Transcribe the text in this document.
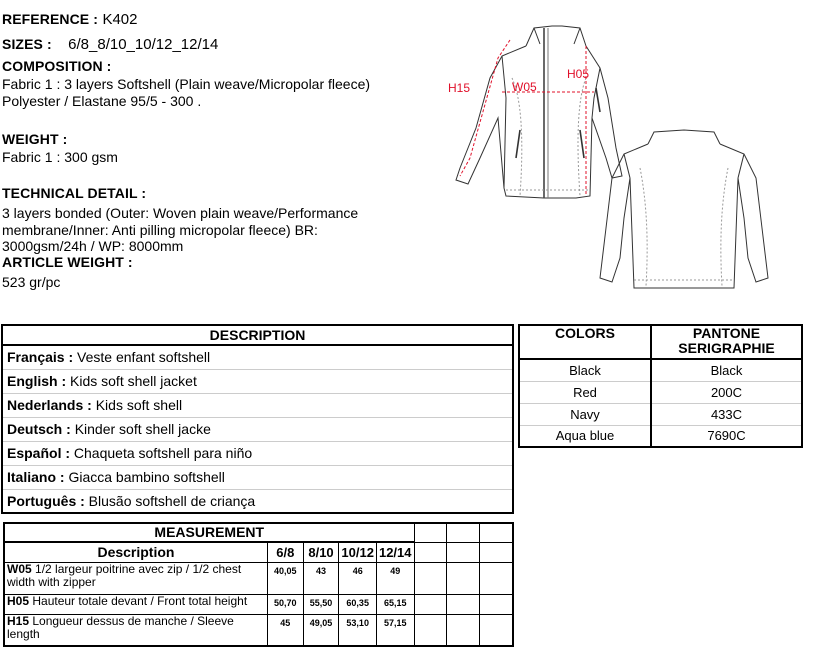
REFERENCE : K402
SIZES : 6/8_8/10_10/12_12/14
COMPOSITION :
Fabric 1 : 3 layers Softshell (Plain weave/Micropolar fleece)
Polyester / Elastane 95/5 - 300 .
WEIGHT :
Fabric 1 : 300 gsm
TECHNICAL DETAIL :
3 layers bonded (Outer: Woven plain weave/Performance
membrane/Inner: Anti pilling micropolar fleece) BR:
3000gsm/24h / WP: 8000mm
ARTICLE WEIGHT :
523 gr/pc
H15	W05
H05
DESCRIPTION
Français : Veste enfant softshell
English : Kids soft shell jacket
Nederlands : Kids soft shell
Deutsch : Kinder soft shell jacke
Español : Chaqueta softshell para niño
Italiano : Giacca bambino softshell
Português : Blusão softshell de criança
COLORS	PANTONE
SERIGRAPHIE

Black	Black
Red	200C
Navy	433C
Aqua blue	7690C
MEASUREMENT							
Description	6/8	8/10	10/12	12/14			
W05 1/2 largeur poitrine avec zip / 1/2 chest width with zipper	40,05	43	46	49			
H05 Hauteur totale devant / Front total height	50,70	55,50	60,35	65,15			
H15 Longueur dessus de manche / Sleeve length	45	49,05	53,10	57,15			
